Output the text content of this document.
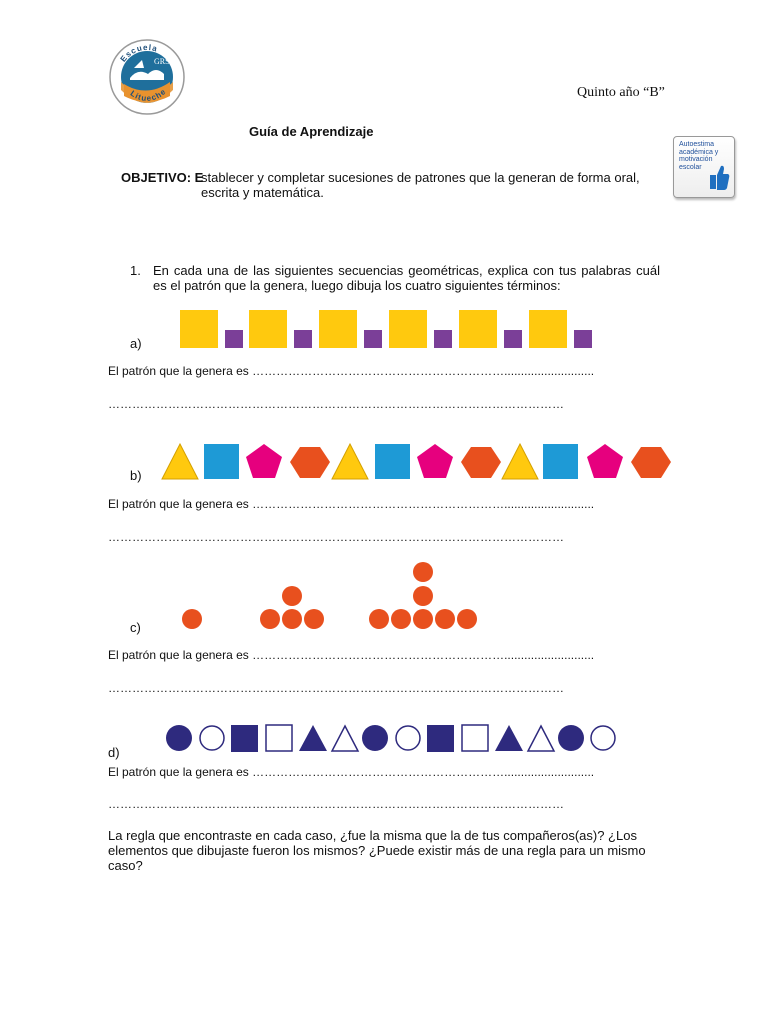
GRSH
Escuela
Litueche	Quinto año “B”
Guía de Aprendizaje
Autoestima académica y motivación escolar
OBJETIVO: E
stablecer y completar sucesiones de patrones que la generan de forma oral, escrita y matemática.
1. En cada una de las siguientes secuencias geométricas, explica con tus palabras cuál es el patrón que la genera, luego dibuja los cuatro siguientes términos:
a)
El patrón que la genera es ………………………………………………………...........................
……………………………………………………………………………………………………
b)
El patrón que la genera es ………………………………………………………...........................
……………………………………………………………………………………………………
c)
El patrón que la genera es ………………………………………………………...........................
……………………………………………………………………………………………………
d)
El patrón que la genera es ………………………………………………………...........................
……………………………………………………………………………………………………
La regla que encontraste en cada caso, ¿fue la misma que la de tus compañeros(as)? ¿Los elementos que dibujaste fueron los mismos? ¿Puede existir más de una regla para un mismo caso?
